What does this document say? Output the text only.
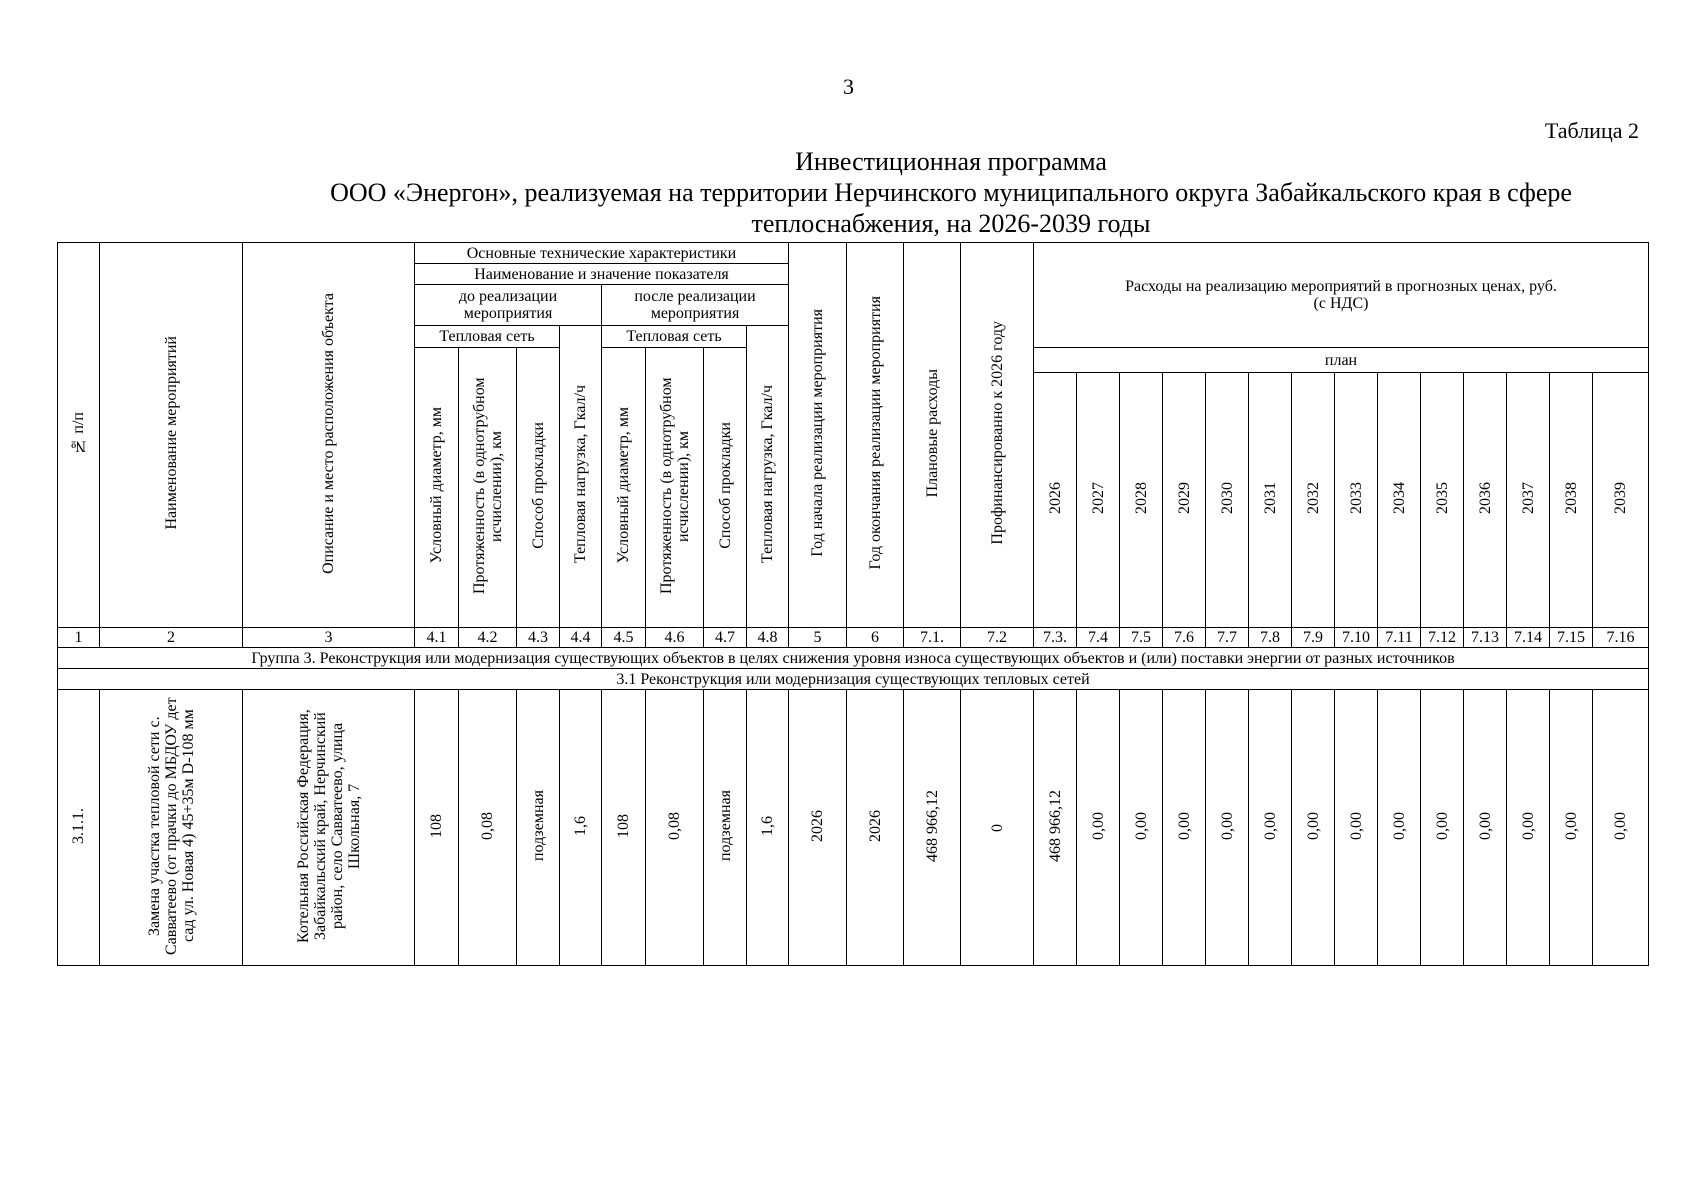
3
Таблица 2
Инвестиционная программа
ООО «Энергон», реализуемая на территории Нерчинского муниципального округа Забайкальского края в сфере
теплоснабжения, на 2026-2039 годы
№ п/п	Наименование мероприятий	Описание и место расположения объекта	Основные технические характеристики								Год начала реализации мероприятия	Год окончания реализации мероприятия	Плановые расходы	Профинансированно к 2026 году	Расходы на реализацию мероприятий в прогнозных ценах, руб.
(с НДС)													
			Наименование и значение показателя																									
			до реализации мероприятия				после реализации мероприятия																					
			Тепловая сеть			Тепловая нагрузка, Гкал/ч	Тепловая сеть			Тепловая нагрузка, Гкал/ч																		
			Условный диаметр, мм	Протяженность (в однотрубном исчислении), км	Способ прокладки		Условный диаметр, мм	Протяженность (в однотрубном исчислении), км	Способ прокладки						план													
															2026	2027	2028	2029	2030	2031	2032	2033	2034	2035	2036	2037	2038	2039
1	2	3	4.1	4.2	4.3	4.4	4.5	4.6	4.7	4.8	5	6	7.1.	7.2	7.3.	7.4	7.5	7.6	7.7	7.8	7.9	7.10	7.11	7.12	7.13	7.14	7.15	7.16
Группа 3. Реконструкция или модернизация существующих объектов в целях снижения уровня износа существующих объектов и (или) поставки энергии от разных источников																												
3.1 Реконструкция или модернизация существующих тепловых сетей																												
3.1.1.	Замена участка тепловой сети с. Савватеево (от прачки до МБДОУ дет сад ул. Новая 4) 45+35м D-108 мм	Котельная Российская Федерация, Забайкальский край, Нерчинский район, село Савватеево, улица Школьная, 7	108	0,08	подземная	1,6	108	0,08	подземная	1,6	2026	2026	468 966,12	0	468 966,12	0,00	0,00	0,00	0,00	0,00	0,00	0,00	0,00	0,00	0,00	0,00	0,00	0,00
